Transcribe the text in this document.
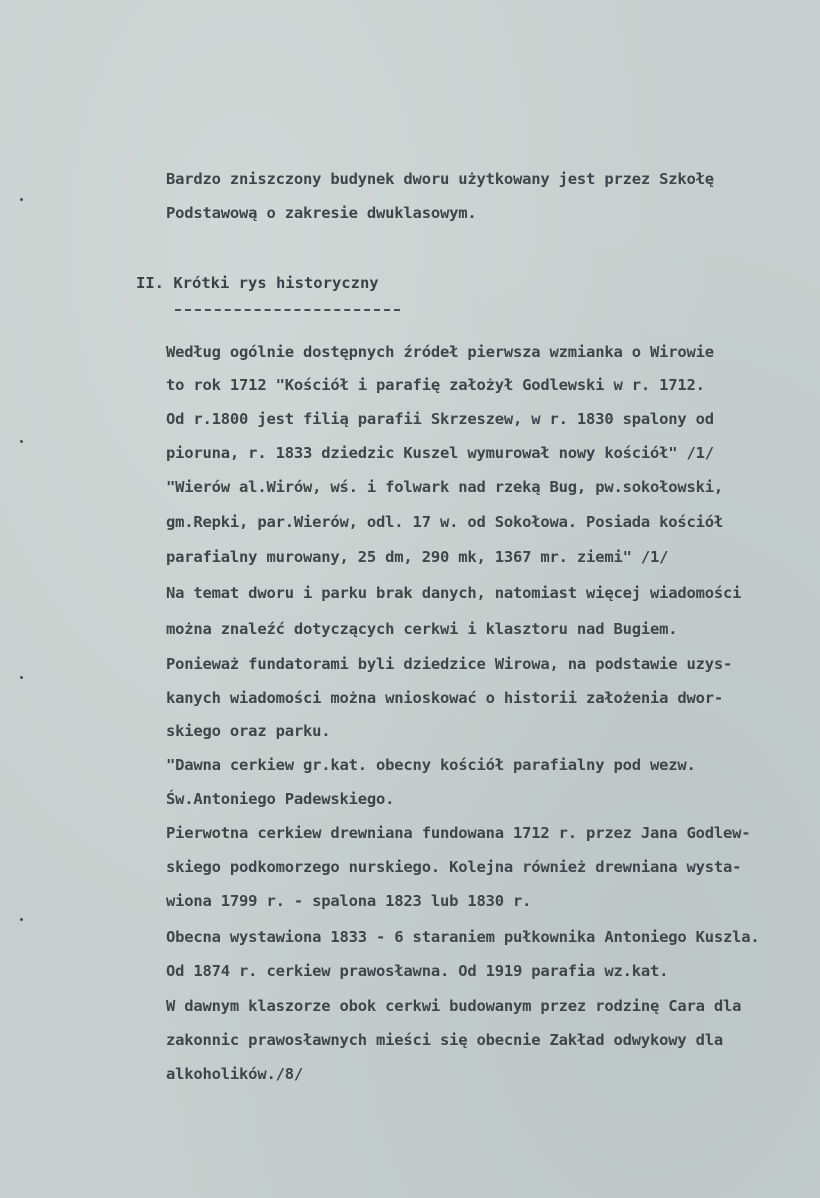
Bardzo zniszczony budynek dworu użytkowany jest przez Szkołę
Podstawową o zakresie dwuklasowym.
II. Krótki rys historyczny
Według ogólnie dostępnych źródeł pierwsza wzmianka o Wirowie
to rok 1712 "Kościół i parafię założył Godlewski w r. 1712.
Od r.1800 jest filią parafii Skrzeszew, w r. 1830 spalony od
pioruna, r. 1833 dziedzic Kuszel wymurował nowy kościół" /1/
"Wierów al.Wirów, wś. i folwark nad rzeką Bug, pw.sokołowski,
gm.Repki, par.Wierów, odl. 17 w. od Sokołowa. Posiada kościół
parafialny murowany, 25 dm, 290 mk, 1367 mr. ziemi" /1/
Na temat dworu i parku brak danych, natomiast więcej wiadomości
można znaleźć dotyczących cerkwi i klasztoru nad Bugiem.
Ponieważ fundatorami byli dziedzice Wirowa, na podstawie uzys-
kanych wiadomości można wnioskować o historii założenia dwor-
skiego oraz parku.
"Dawna cerkiew gr.kat. obecny kościół parafialny pod wezw.
Św.Antoniego Padewskiego.
Pierwotna cerkiew drewniana fundowana 1712 r. przez Jana Godlew-
skiego podkomorzego nurskiego. Kolejna również drewniana wysta-
wiona 1799 r. - spalona 1823 lub 1830 r.
Obecna wystawiona 1833 - 6 staraniem pułkownika Antoniego Kuszla.
Od 1874 r. cerkiew prawosławna. Od 1919 parafia wz.kat.
W dawnym klaszorze obok cerkwi budowanym przez rodzinę Cara dla
zakonnic prawosławnych mieści się obecnie Zakład odwykowy dla
alkoholików./8/
